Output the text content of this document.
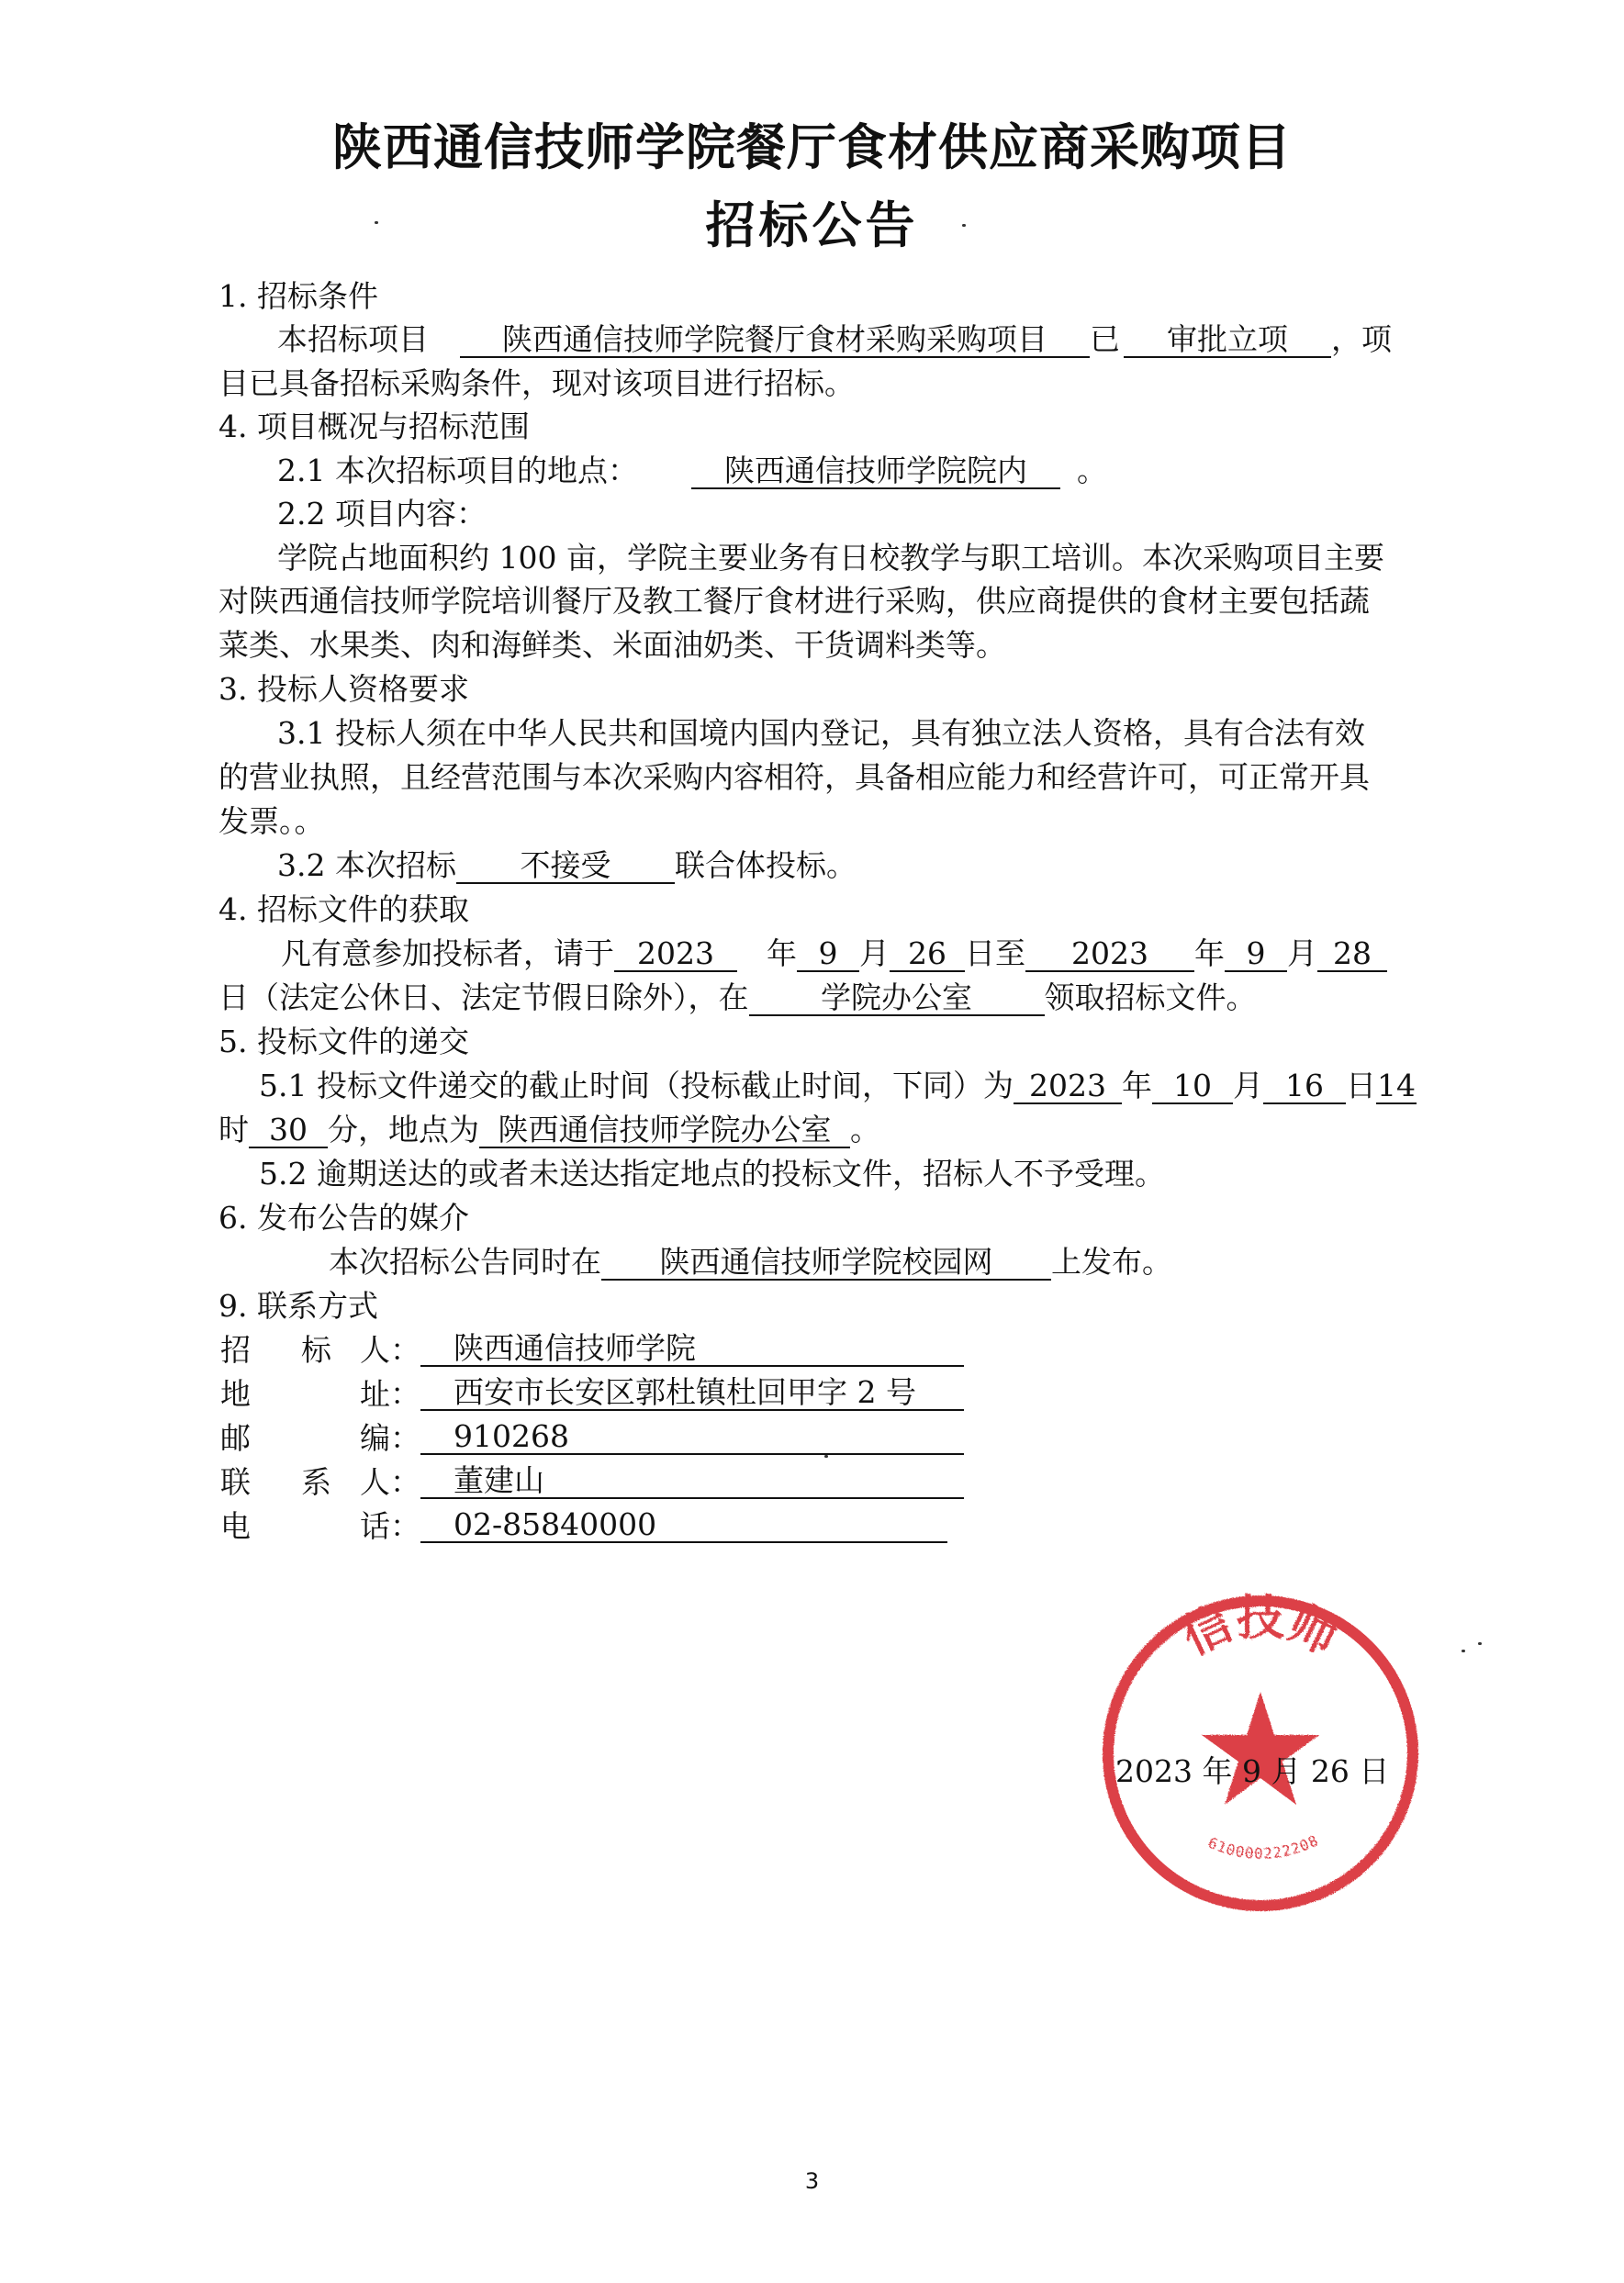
陕西通信技师学院餐厅食材供应商采购项目
招标公告
1. 招标条件
本招标项目 陕西通信技师学院餐厅食材采购采购项目 已 审批立项 ，项
目已具备招标采购条件，现对该项目进行招标。
4. 项目概况与招标范围
2.1 本次招标项目的地点：	陕西通信技师学院院内 。
2.2 项目内容：
学院占地面积约 100 亩，学院主要业务有日校教学与职工培训。本次采购项目主要
对陕西通信技师学院培训餐厅及教工餐厅食材进行采购，供应商提供的食材主要包括蔬
菜类、水果类、肉和海鲜类、米面油奶类、干货调料类等。
3. 投标人资格要求
3.1 投标人须在中华人民共和国境内国内登记，具有独立法人资格，具有合法有效
的营业执照，且经营范围与本次采购内容相符，具备相应能力和经营许可，可正常开具
发票。。
3.2 本次招标 不接受 联合体投标。
4. 招标文件的获取
凡有意参加投标者，请于 2023 年 9 月 26 日至 2023 年 9 月 28
日（法定公休日、法定节假日除外），在 学院办公室 领取招标文件。
5. 投标文件的递交
5.1 投标文件递交的截止时间（投标截止时间，下同）为 2023 年 10 月 16 日14
时 30 分，地点为 陕西通信技师学院办公室 。
5.2 逾期送达的或者未送达指定地点的投标文件，招标人不予受理。
6. 发布公告的媒介
本次招标公告同时在 陕西通信技师学院校园网 上发布。
9. 联系方式
招 标 人：	陕西通信技师学院
地	址：	西安市长安区郭杜镇杜回甲字 2 号
邮	编：	910268
联 系 人：	董建山
电	话：	02-85840000
信技师
610000222208
2023 年 9 月 26 日
3
